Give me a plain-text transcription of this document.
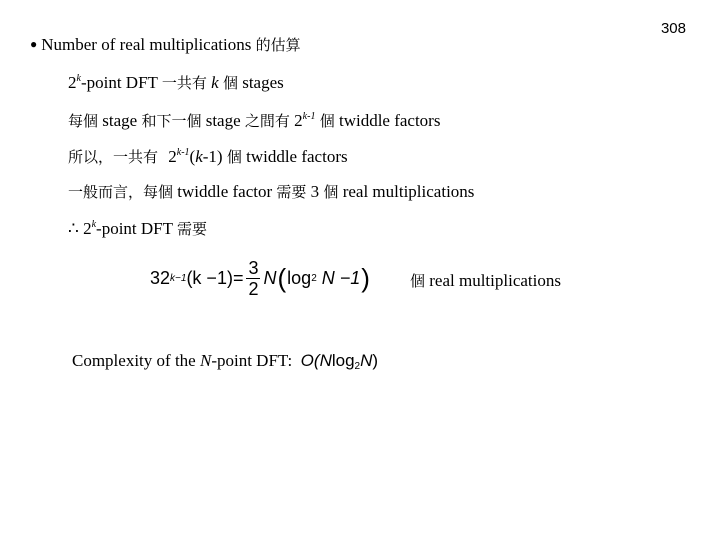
308
● Number of real multiplications 的估算
2$^k$-point DFT 一共有 k 個 stages
每個 stage 和下一個 stage 之間有 2$^{k-1}$ 個 twiddle factors
所以，一共有 2$^{k-1}$(k-1) 個 twiddle factors
一般而言，每個 twiddle factor 需要 3 個 real multiplications
∴ 2$^k$-point DFT 需要
32 k−1 $(k -1) = \frac{3}{2}$ N ( log 2
N −1 )	個 real multiplications
Complexity of the N-point DFT: O(Nlog$_2$N)
